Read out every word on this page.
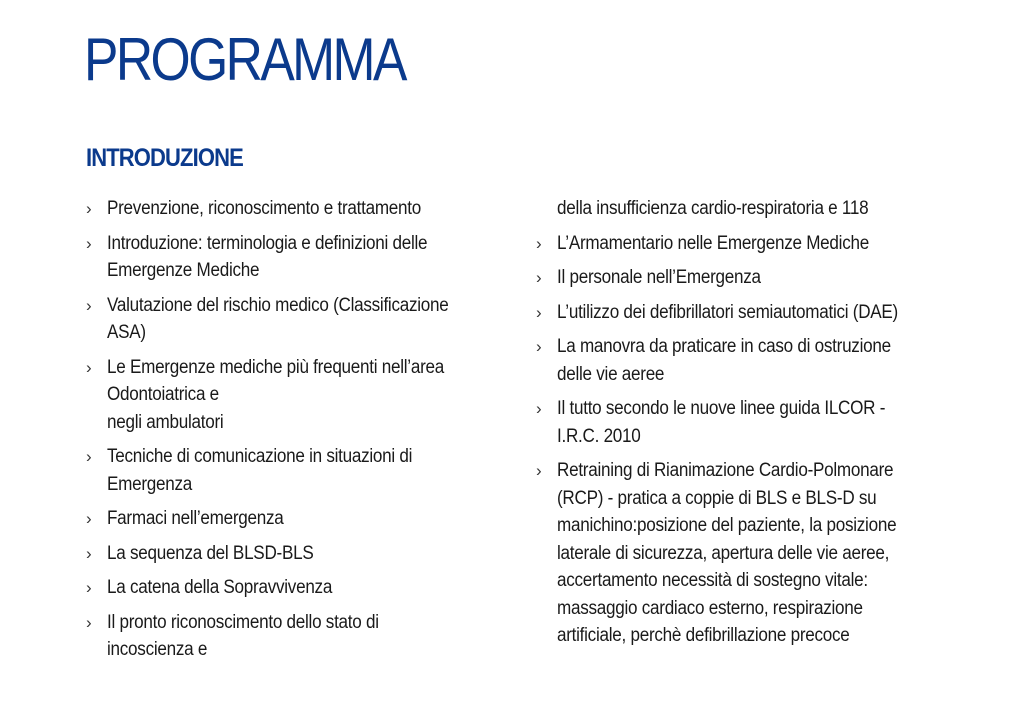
PROGRAMMA
INTRODUZIONE
› Prevenzione, riconoscimento e trattamento
› Introduzione: terminologia e definizioni delle
Emergenze Mediche
› Valutazione del rischio medico (Classificazione
ASA)
› Le Emergenze mediche più frequenti nell’area
Odontoiatrica e
negli ambulatori
› Tecniche di comunicazione in situazioni di
Emergenza
› Farmaci nell’emergenza
› La sequenza del BLSD-BLS
› La catena della Sopravvivenza
› Il pronto riconoscimento dello stato di
incoscienza e
della insufficienza cardio-respiratoria e 118
› L’Armamentario nelle Emergenze Mediche
› Il personale nell’Emergenza
› L’utilizzo dei defibrillatori semiautomatici (DAE)
› La manovra da praticare in caso di ostruzione
delle vie aeree
› Il tutto secondo le nuove linee guida ILCOR -
I.R.C. 2010
› Retraining di Rianimazione Cardio-Polmonare
(RCP) - pratica a coppie di BLS e BLS-D su
manichino:posizione del paziente, la posizione
laterale di sicurezza, apertura delle vie aeree,
accertamento necessità di sostegno vitale:
massaggio cardiaco esterno, respirazione
artificiale, perchè defibrillazione precoce
